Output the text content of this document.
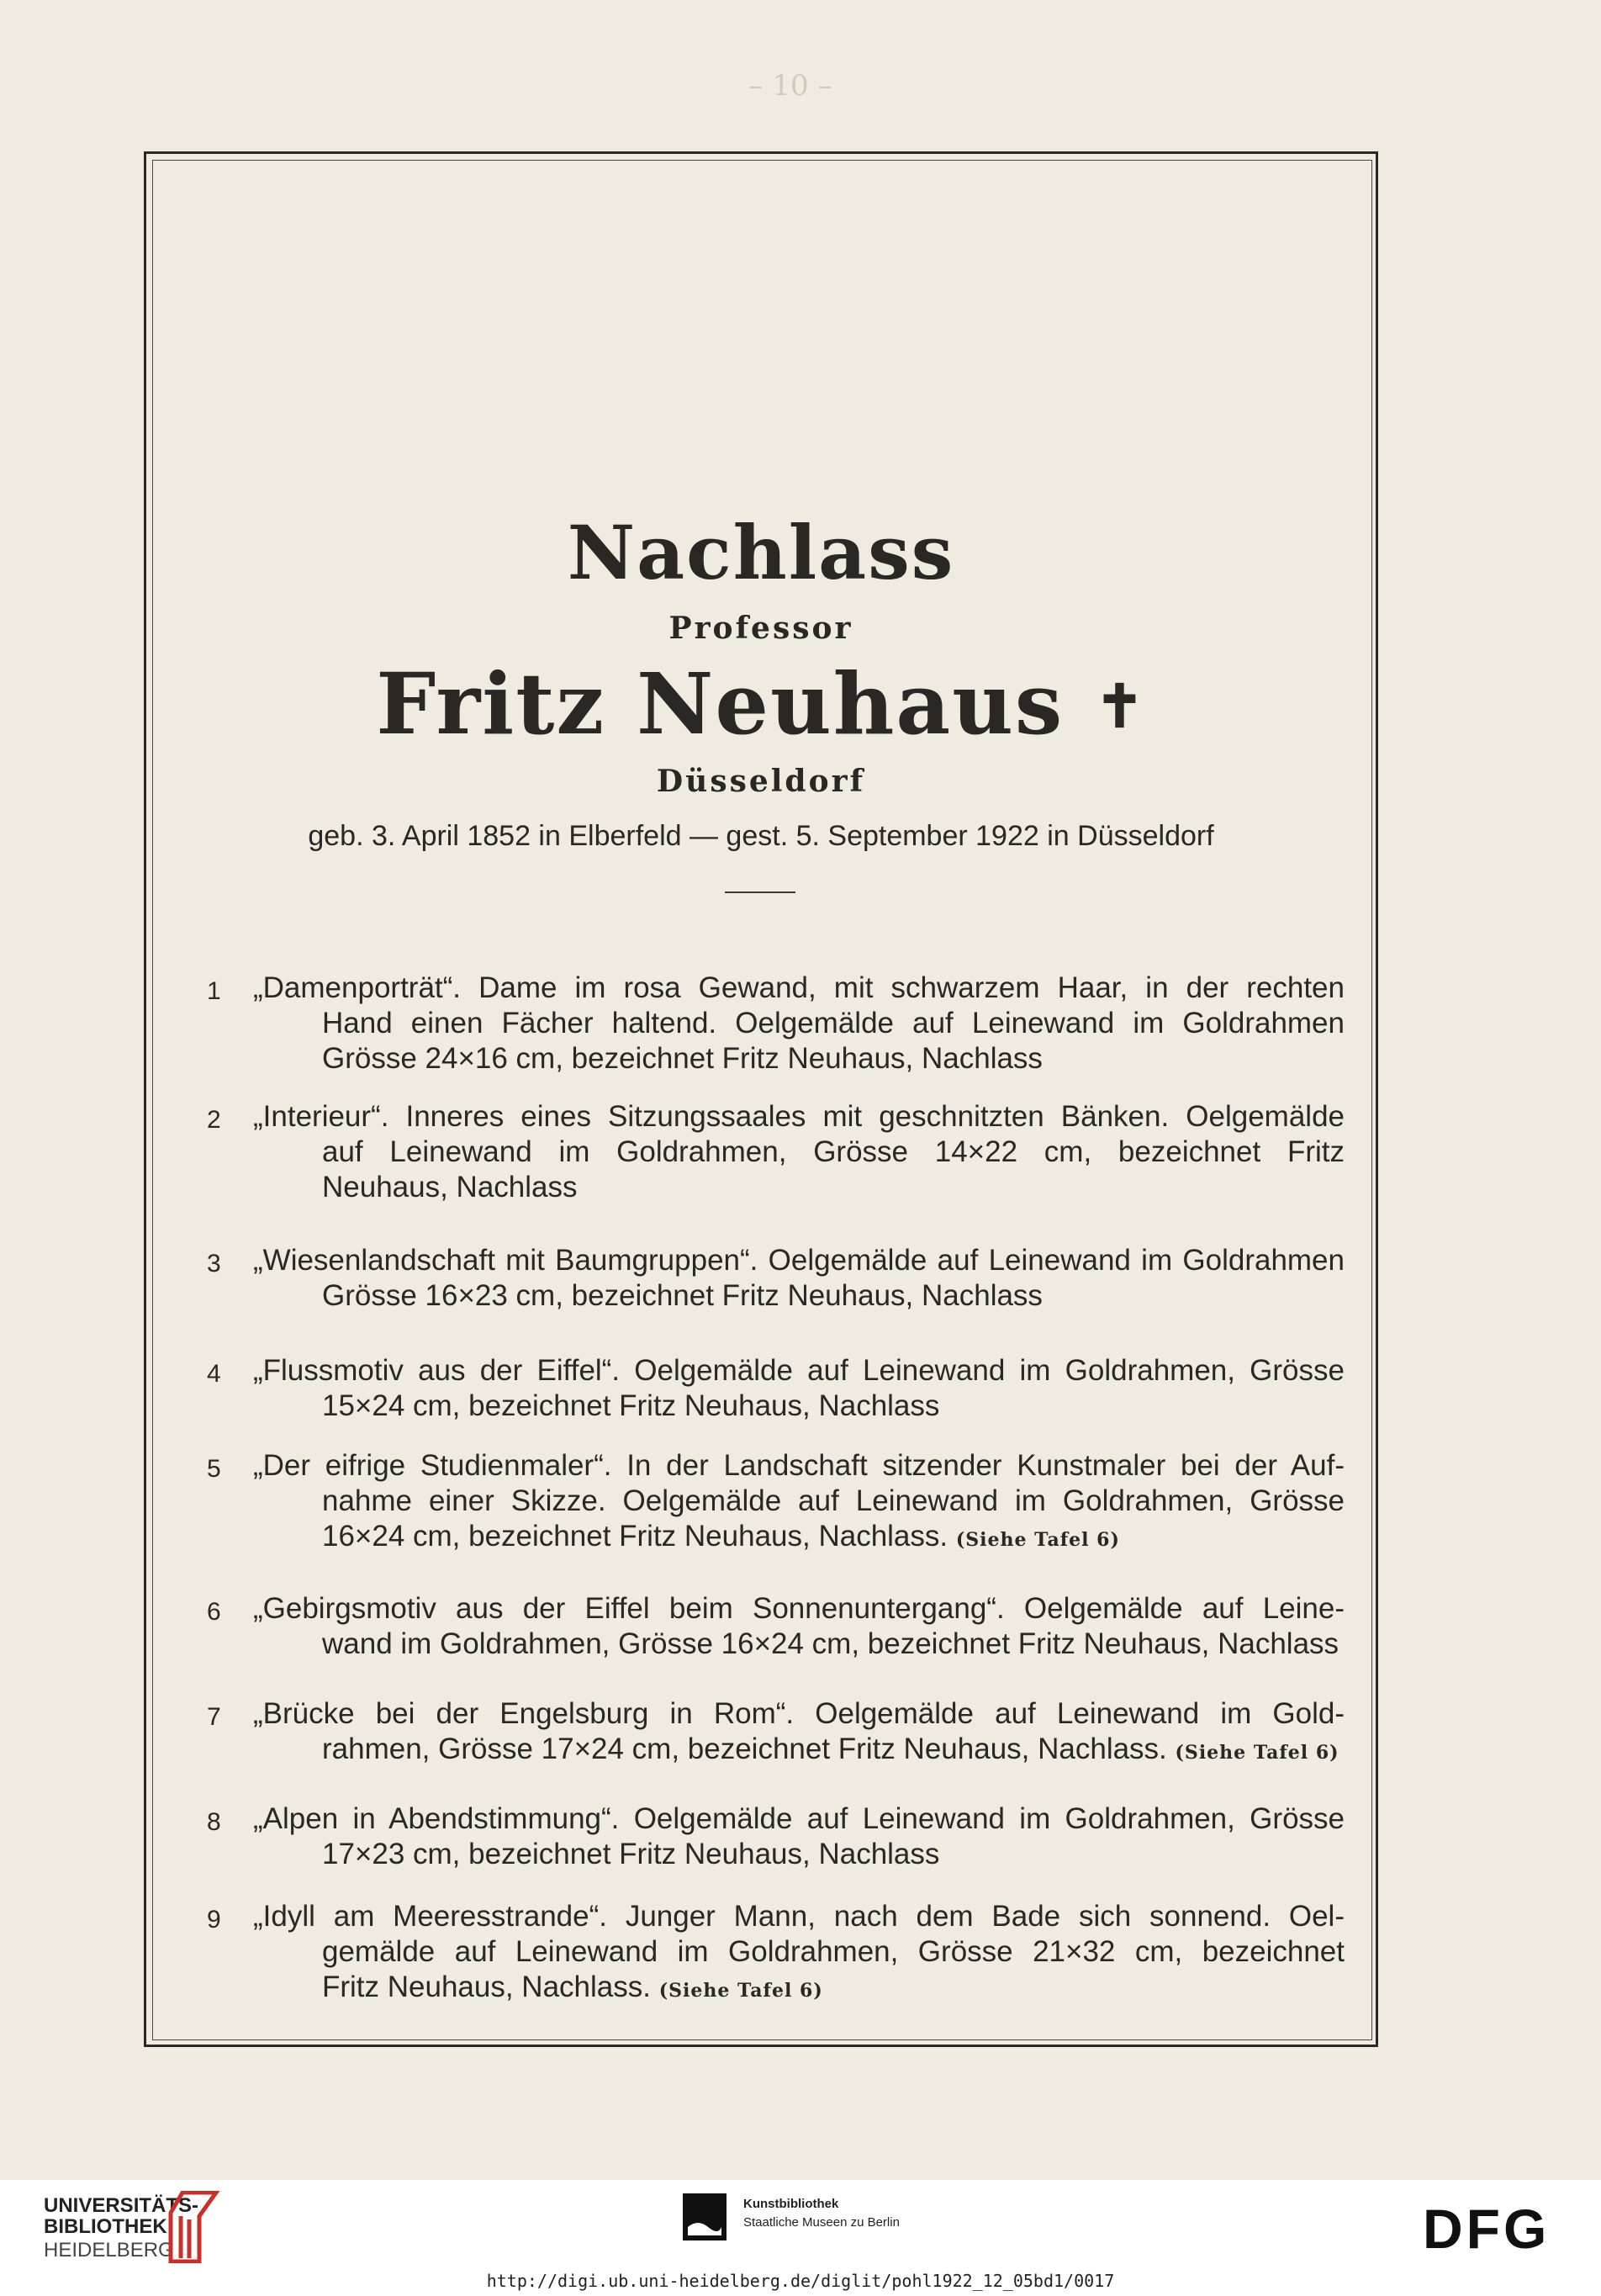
– 10 –
Nachlass
Professor
Fritz Neuhaus ✝
Düsseldorf
geb. 3. April 1852 in Elberfeld — gest. 5. September 1922 in Düsseldorf
1 „Damenporträt“. Dame im rosa Gewand, mit schwarzem Haar, in der rechten
Hand einen Fächer haltend. Oelgemälde auf Leinewand im Goldrahmen
Grösse 24×16 cm, bezeichnet Fritz Neuhaus, Nachlass
2 „Interieur“. Inneres eines Sitzungssaales mit geschnitzten Bänken. Oelgemälde
auf Leinewand im Goldrahmen, Grösse 14×22 cm, bezeichnet Fritz
Neuhaus, Nachlass
3 „Wiesenlandschaft mit Baumgruppen“. Oelgemälde auf Leinewand im Goldrahmen
Grösse 16×23 cm, bezeichnet Fritz Neuhaus, Nachlass
4 „Flussmotiv aus der Eiffel“. Oelgemälde auf Leinewand im Goldrahmen, Grösse
15×24 cm, bezeichnet Fritz Neuhaus, Nachlass
5 „Der eifrige Studienmaler“. In der Landschaft sitzender Kunstmaler bei der Auf-
nahme einer Skizze. Oelgemälde auf Leinewand im Goldrahmen, Grösse
16×24 cm, bezeichnet Fritz Neuhaus, Nachlass. (Siehe Tafel 6)
6 „Gebirgsmotiv aus der Eiffel beim Sonnenuntergang“. Oelgemälde auf Leine-
wand im Goldrahmen, Grösse 16×24 cm, bezeichnet Fritz Neuhaus, Nachlass
7 „Brücke bei der Engelsburg in Rom“. Oelgemälde auf Leinewand im Gold-
rahmen, Grösse 17×24 cm, bezeichnet Fritz Neuhaus, Nachlass. (Siehe Tafel 6)
8 „Alpen in Abendstimmung“. Oelgemälde auf Leinewand im Goldrahmen, Grösse
17×23 cm, bezeichnet Fritz Neuhaus, Nachlass
9 „Idyll am Meeresstrande“. Junger Mann, nach dem Bade sich sonnend. Oel-
gemälde auf Leinewand im Goldrahmen, Grösse 21×32 cm, bezeichnet
Fritz Neuhaus, Nachlass. (Siehe Tafel 6)
UNIVERSITÄTS-
BIBLIOTHEK
HEIDELBERG
Kunstbibliothek
Staatliche Museen zu Berlin	DFG
http://digi.ub.uni-heidelberg.de/diglit/pohl1922_12_05bd1/0017
